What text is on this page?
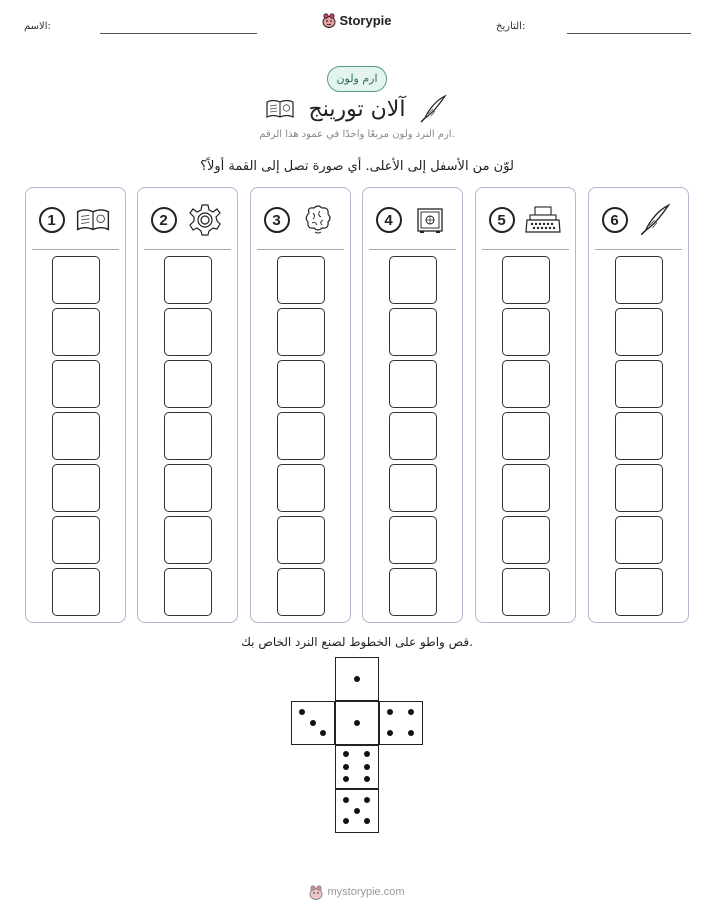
الاسم:	Storypie	التاريخ:
ارم ولون
آلان تورينج
ارم النرد ولون مربعًا واحدًا في عمود هذا الرقم.
لوّن من الأسفل إلى الأعلى. أي صورة تصل إلى القمة أولاً؟
1	2	3	4	5	6
قص واطو على الخطوط لصنع النرد الخاص بك.
mystorypie.com
